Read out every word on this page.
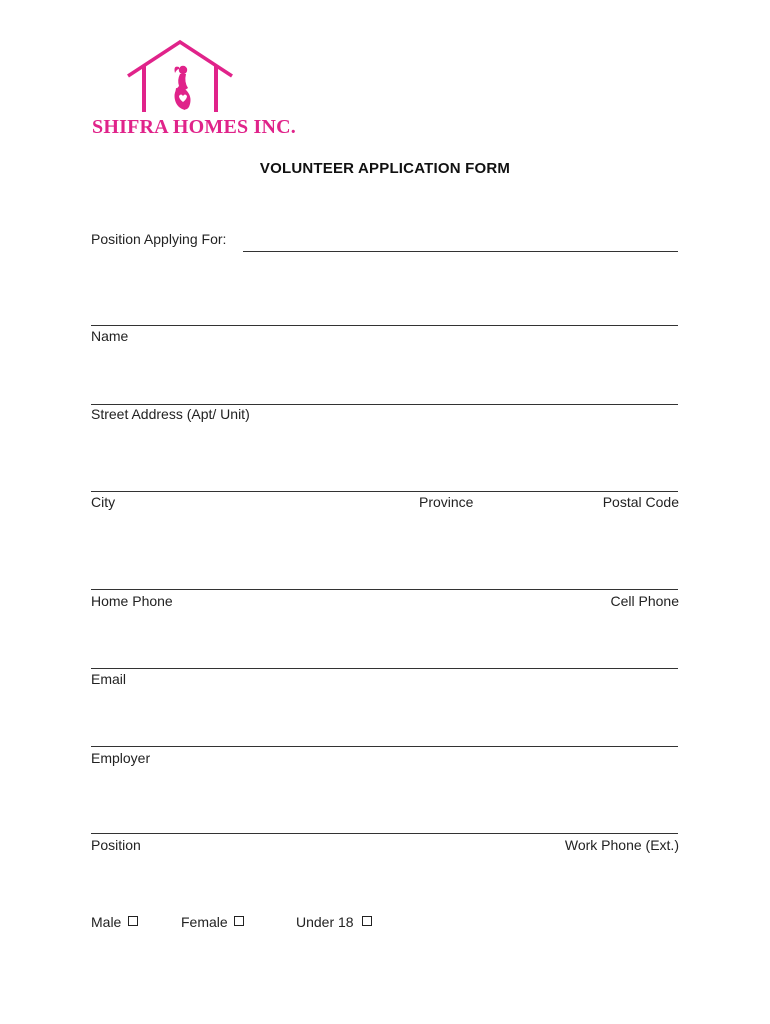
SHIFRA HOMES INC.
VOLUNTEER APPLICATION FORM
Position Applying For:
Name
Street Address (Apt/ Unit)
City	Province	Postal Code
Home Phone	Cell Phone
Email
Employer
Position	Work Phone (Ext.)
Male	Female	Under 18
